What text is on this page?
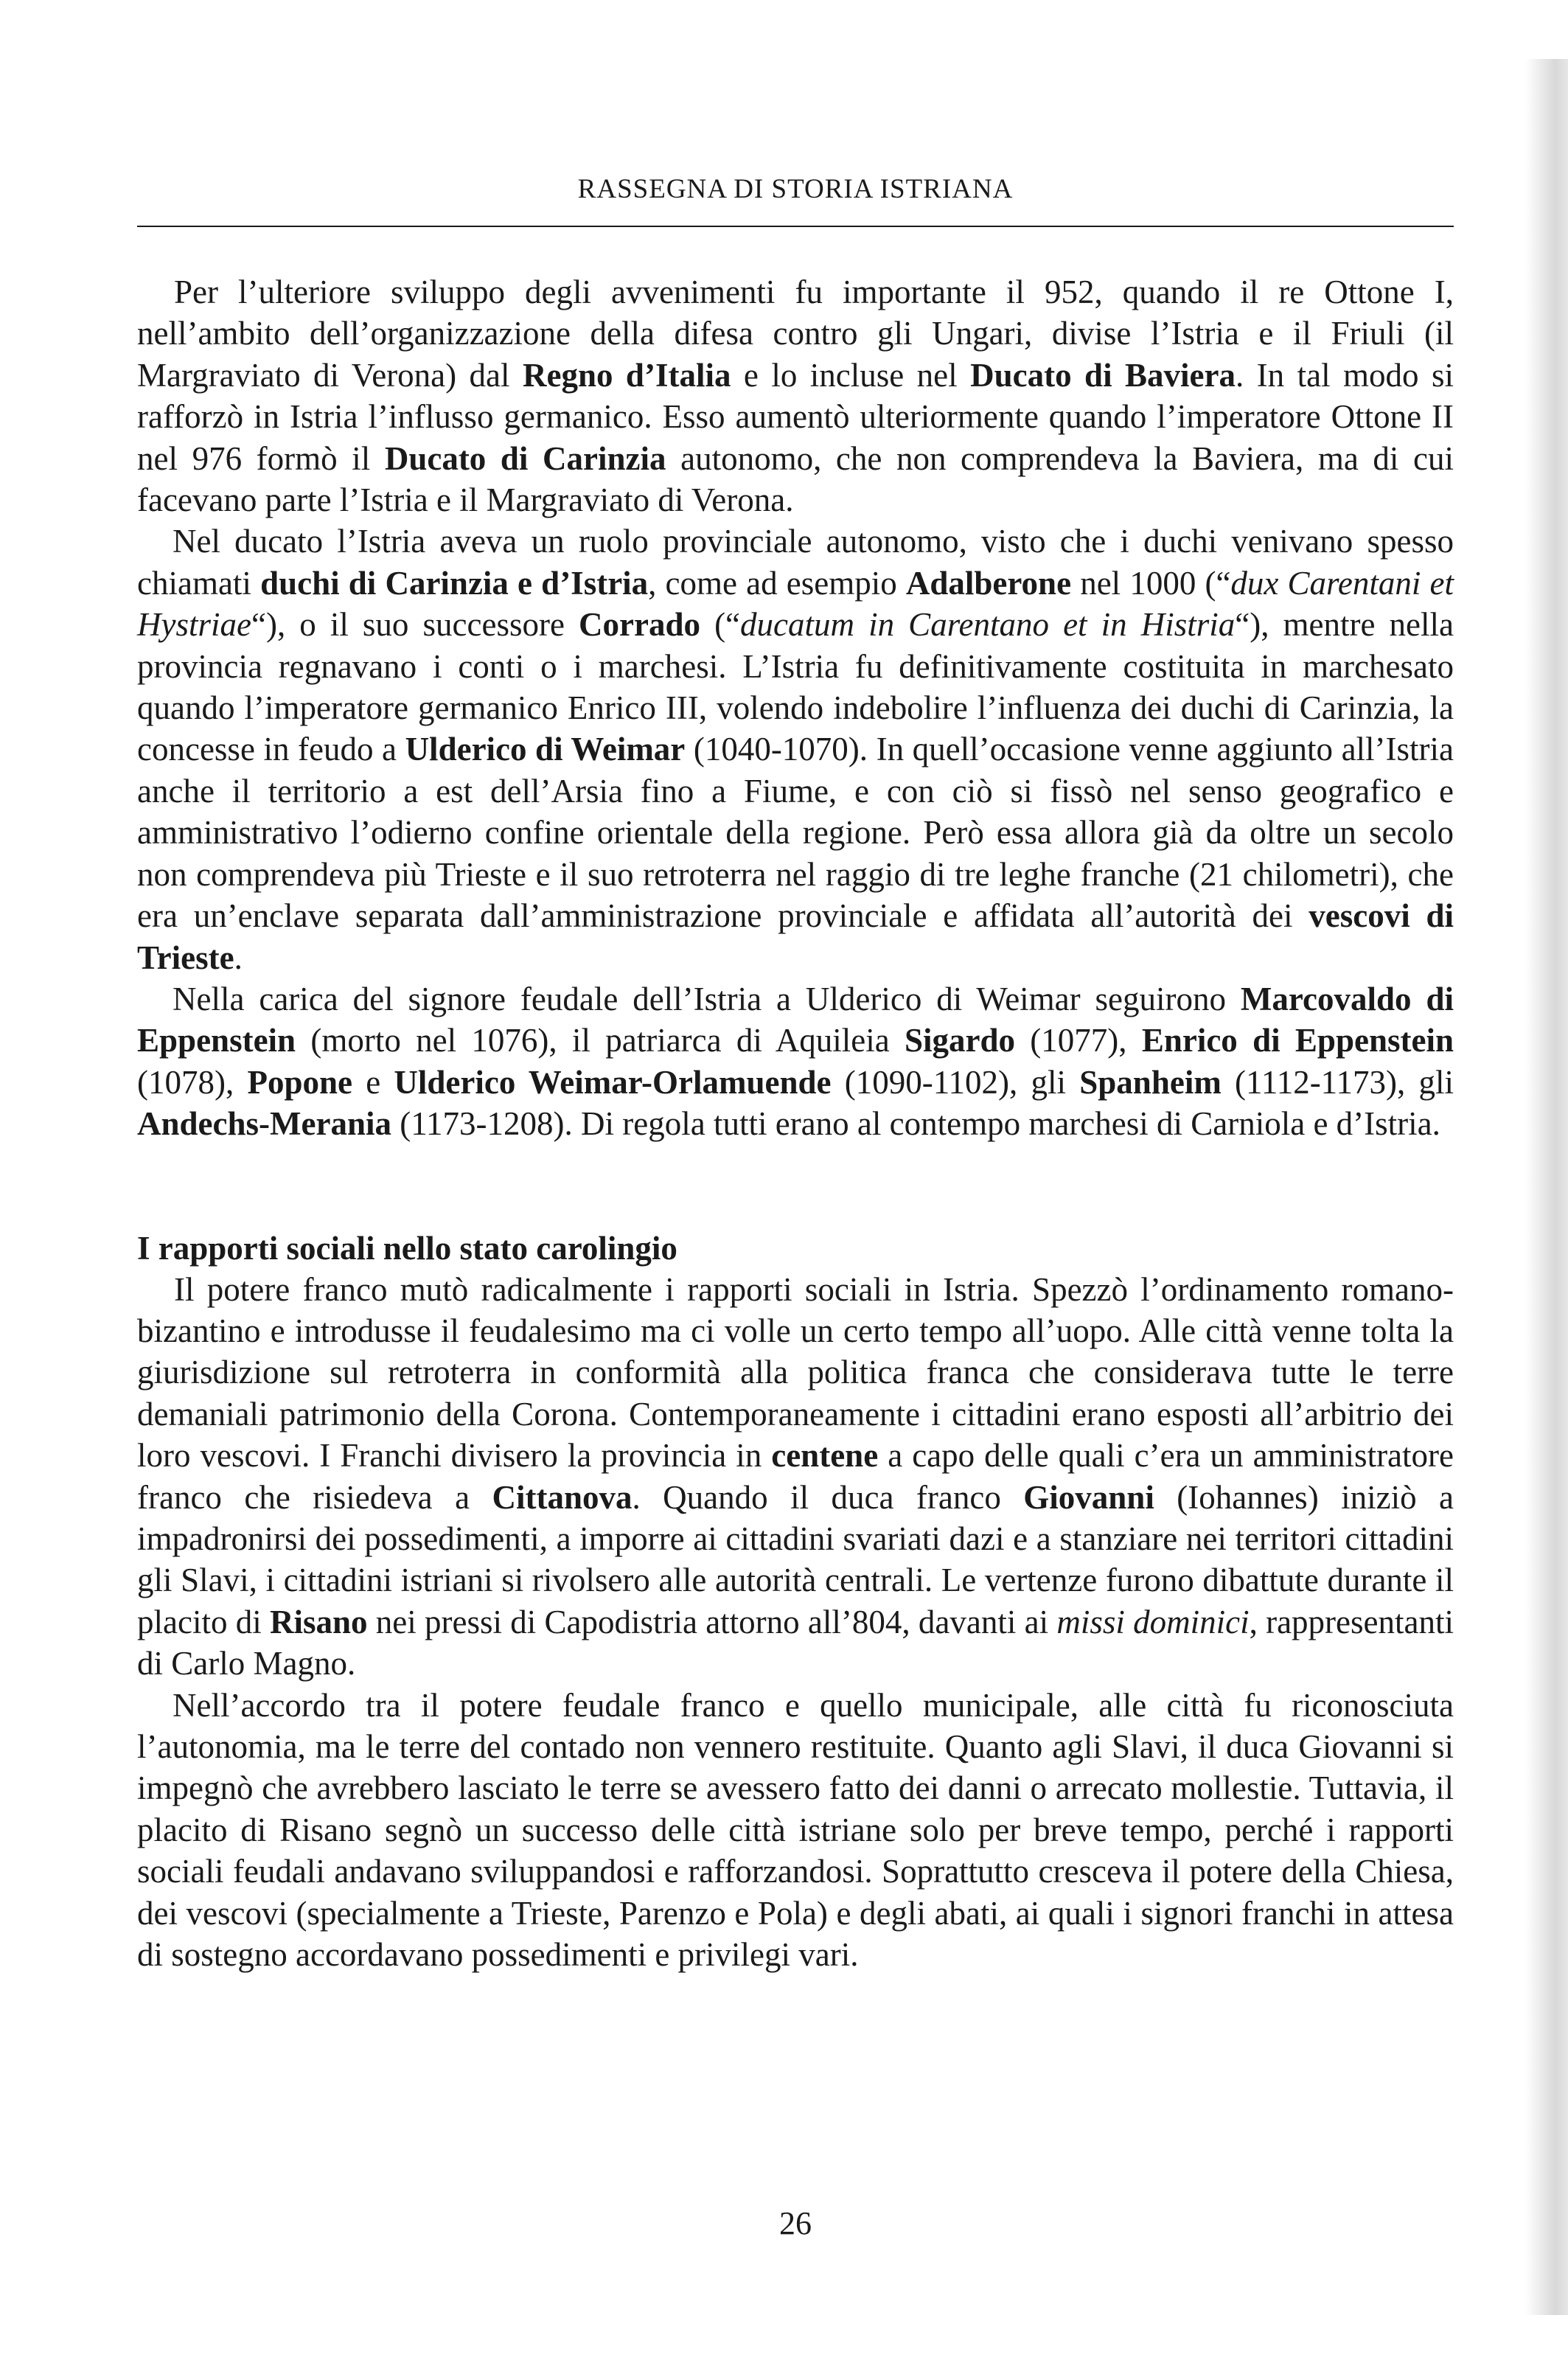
RASSEGNA DI STORIA ISTRIANA

Per l’ulteriore sviluppo degli avvenimenti fu importante il 952, quando il re Ottone I, nell’ambito dell’organizzazione della difesa contro gli Ungari, divise l’Istria e il Friuli (il Margraviato di Verona) dal Regno d’Italia e lo incluse nel Ducato di Baviera. In tal modo si rafforzò in Istria l’influsso germanico. Esso aumentò ulteriormente quando l’imperatore Ottone II nel 976 formò il Ducato di Carinzia autonomo, che non comprendeva la Baviera, ma di cui facevano parte l’Istria e il Margraviato di Verona.

Nel ducato l’Istria aveva un ruolo provinciale autonomo, visto che i duchi venivano spesso chiamati duchi di Carinzia e d’Istria, come ad esempio Adalberone nel 1000 (“dux Carentani et Hystriae“), o il suo successore Corrado (“ducatum in Carentano et in Histria“), mentre nella provincia regnavano i conti o i marchesi. L’Istria fu definitivamente costituita in marchesato quando l’imperatore germanico Enrico III, volendo indebolire l’influenza dei duchi di Carinzia, la concesse in feudo a Ulderico di Weimar (1040-1070). In quell’occasione venne aggiunto all’Istria anche il territorio a est dell’Arsia fino a Fiume, e con ciò si fissò nel senso geografico e amministrativo l’odierno confine orientale della regione. Però essa allora già da oltre un secolo non comprendeva più Trieste e il suo retroterra nel raggio di tre leghe franche (21 chilometri), che era un’enclave separata dall’amministrazione provinciale e affidata all’autorità dei vescovi di Trieste.

Nella carica del signore feudale dell’Istria a Ulderico di Weimar seguirono Marcovaldo di Eppenstein (morto nel 1076), il patriarca di Aquileia Sigardo (1077), Enrico di Eppenstein (1078), Popone e Ulderico Weimar-Orlamuende (1090-1102), gli Spanheim (1112-1173), gli Andechs-Merania (1173-1208). Di regola tutti erano al contempo marchesi di Carniola e d’Istria.

I rapporti sociali nello stato carolingio

Il potere franco mutò radicalmente i rapporti sociali in Istria. Spezzò l’ordinamento romano-bizantino e introdusse il feudalesimo ma ci volle un certo tempo all’uopo. Alle città venne tolta la giurisdizione sul retroterra in conformità alla politica franca che considerava tutte le terre demaniali patrimonio della Corona. Contemporaneamente i cittadini erano esposti all’arbitrio dei loro vescovi. I Franchi divisero la provincia in centene a capo delle quali c’era un amministratore franco che risiedeva a Cittanova. Quando il duca franco Giovanni (Iohannes) iniziò a impadronirsi dei possedimenti, a imporre ai cittadini svariati dazi e a stanziare nei territori cittadini gli Slavi, i cittadini istriani si rivolsero alle autorità centrali. Le vertenze furono dibattute durante il placito di Risano nei pressi di Capodistria attorno all’804, davanti ai missi dominici, rappresentanti di Carlo Magno.

Nell’accordo tra il potere feudale franco e quello municipale, alle città fu riconosciuta l’autonomia, ma le terre del contado non vennero restituite. Quanto agli Slavi, il duca Giovanni si impegnò che avrebbero lasciato le terre se avessero fatto dei danni o arrecato mollestie. Tuttavia, il placito di Risano segnò un successo delle città istriane solo per breve tempo, perché i rapporti sociali feudali andavano sviluppandosi e rafforzandosi. Soprattutto cresceva il potere della Chiesa, dei vescovi (specialmente a Trieste, Parenzo e Pola) e degli abati, ai quali i signori franchi in attesa di sostegno accordavano possedimenti e privilegi vari.

26
